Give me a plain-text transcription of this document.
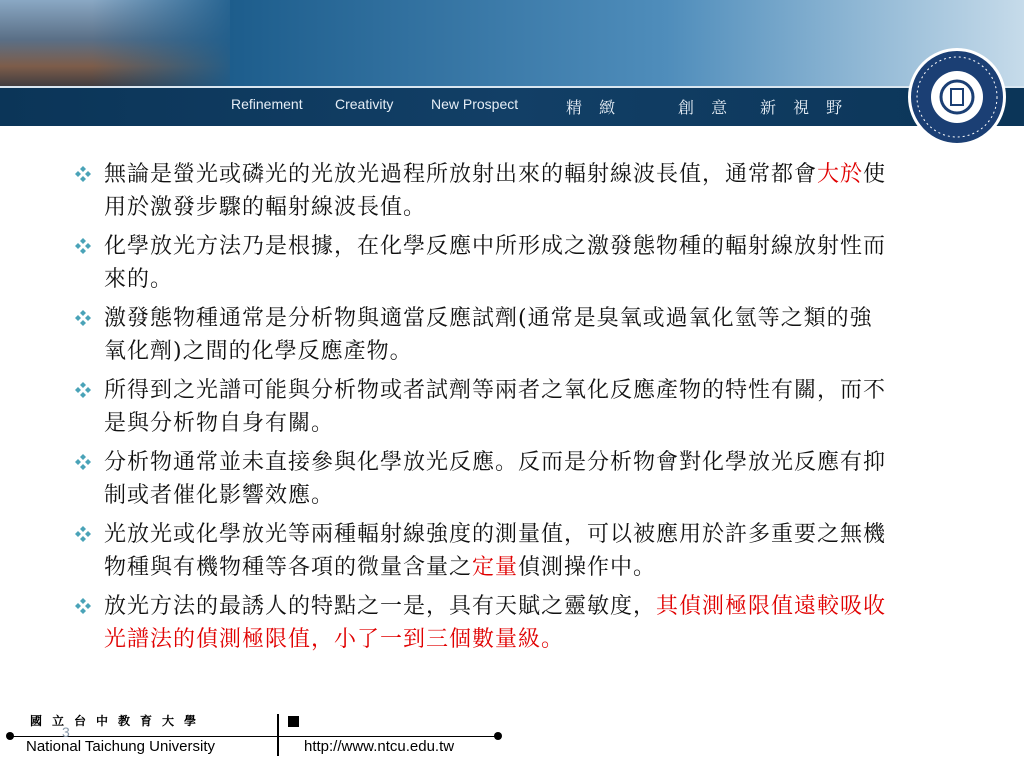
Refinement Creativity	New Prospect	精 緻	創 意 新 視 野
無論是螢光或磷光的光放光過程所放射出來的輻射線波長值，通常都會大於使用於激發步驟的輻射線波長值。
化學放光方法乃是根據，在化學反應中所形成之激發態物種的輻射線放射性而來的。
激發態物種通常是分析物與適當反應試劑(通常是臭氧或過氧化氫等之類的強氧化劑)之間的化學反應產物。
所得到之光譜可能與分析物或者試劑等兩者之氧化反應產物的特性有關，而不是與分析物自身有關。
分析物通常並未直接參與化學放光反應。反而是分析物會對化學放光反應有抑制或者催化影響效應。
光放光或化學放光等兩種輻射線強度的測量值，可以被應用於許多重要之無機物種與有機物種等各項的微量含量之定量偵測操作中。
放光方法的最誘人的特點之一是，具有天賦之靈敏度，其偵測極限值遠較吸收光譜法的偵測極限值，小了一到三個數量級。
國立台中教育大學
3
National Taichung University	http://www.ntcu.edu.tw
